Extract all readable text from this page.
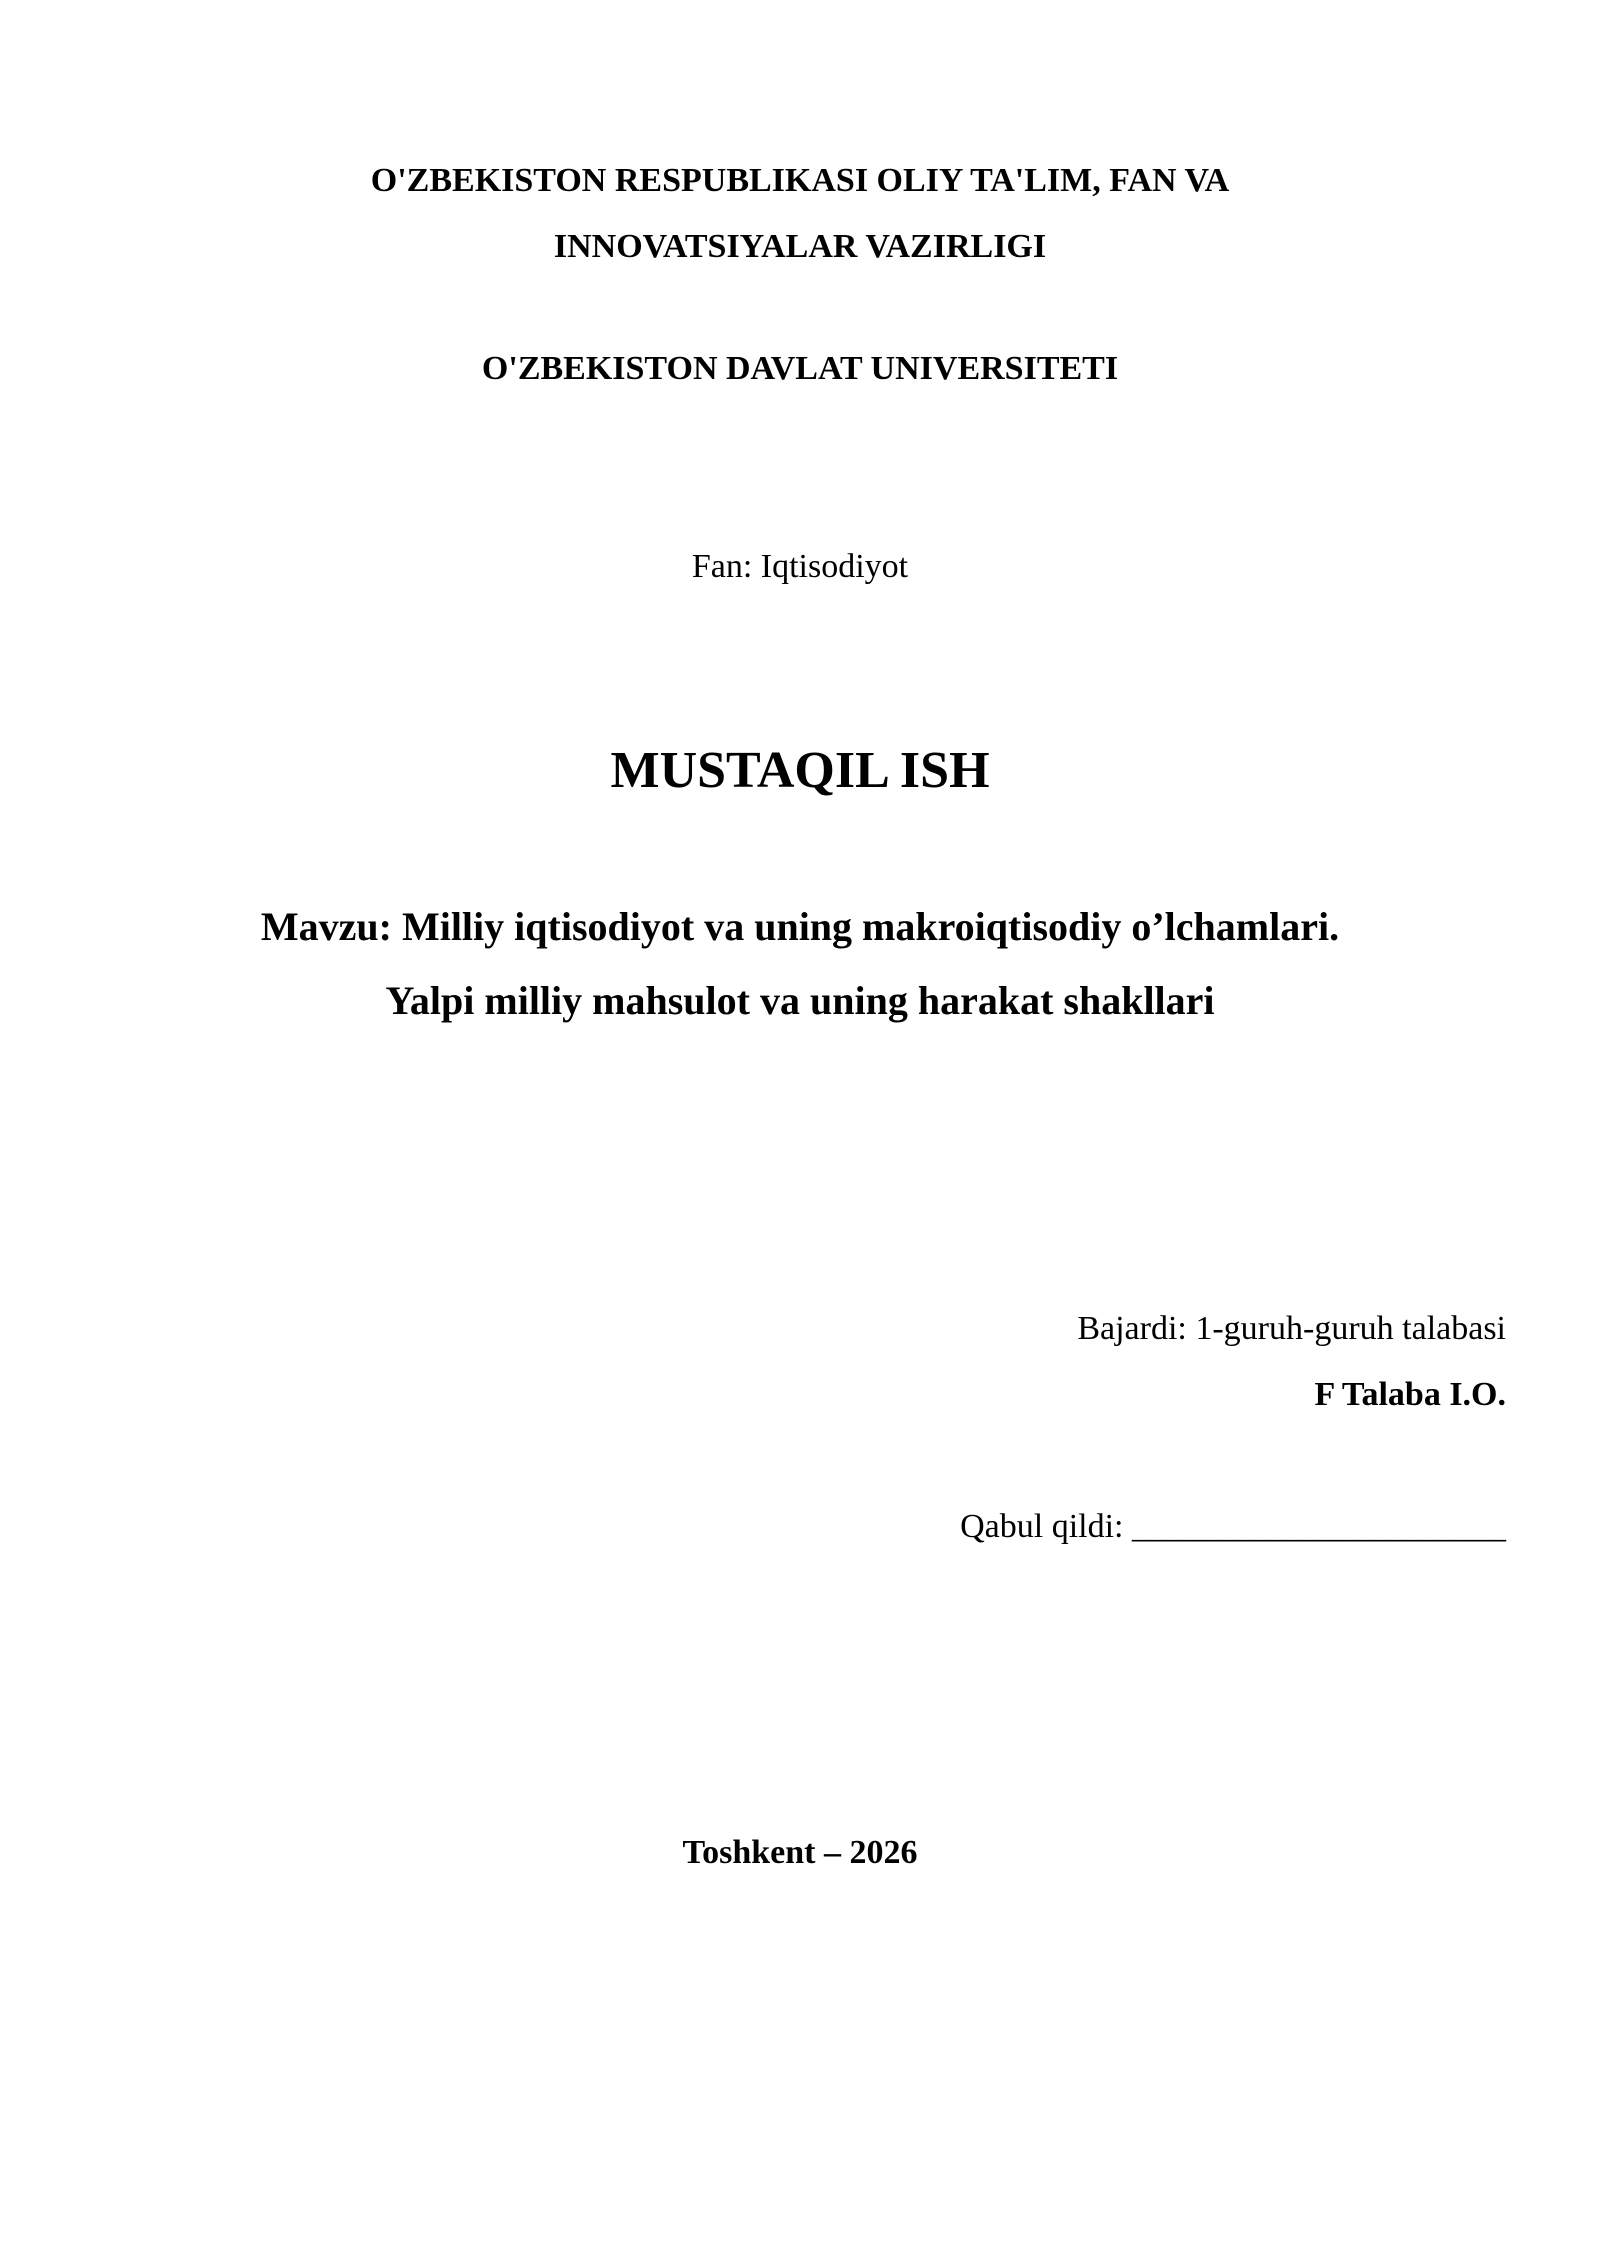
O'ZBEKISTON RESPUBLIKASI OLIY TA'LIM, FAN VA
INNOVATSIYALAR VAZIRLIGI
O'ZBEKISTON DAVLAT UNIVERSITETI
Fan: Iqtisodiyot
MUSTAQIL ISH
Mavzu: Milliy iqtisodiyot va uning makroiqtisodiy o’lchamlari.
Yalpi milliy mahsulot va uning harakat shakllari
Bajardi: 1-guruh-guruh talabasi
F Talaba I.O.
Qabul qildi: ______________________
Toshkent – 2026
